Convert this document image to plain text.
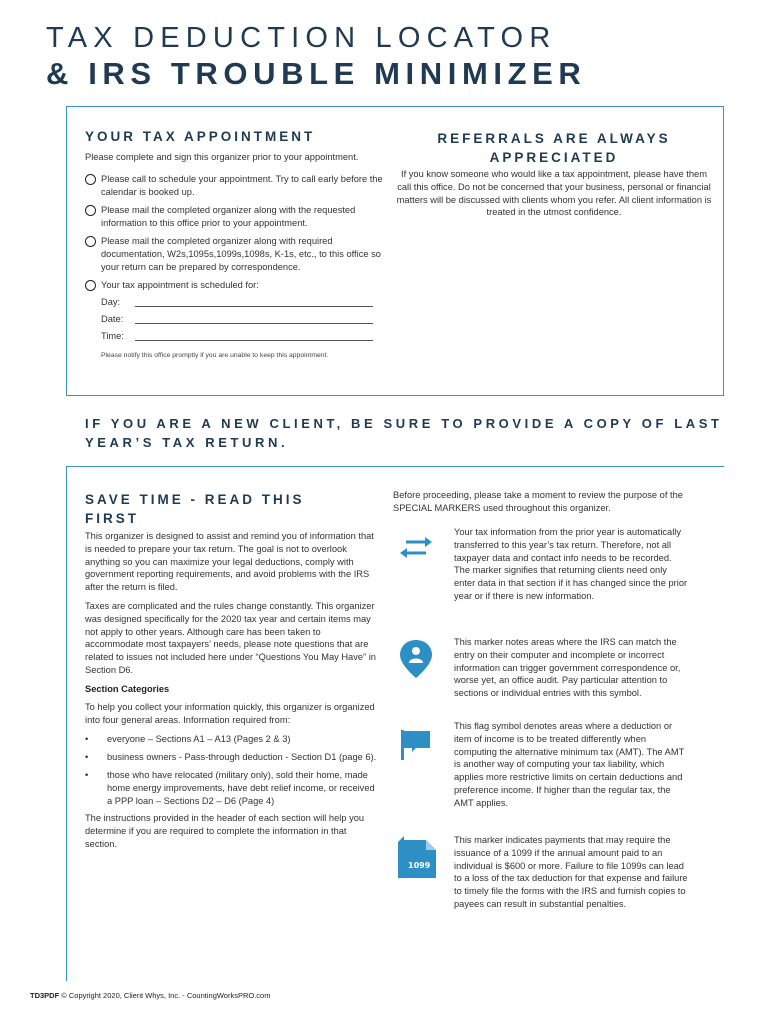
TAX DEDUCTION LOCATOR
& IRS TROUBLE MINIMIZER
YOUR TAX APPOINTMENT
Please complete and sign this organizer prior to your appointment.
Please call to schedule your appointment. Try to call early before the calendar is booked up.
Please mail the completed organizer along with the requested information to this office prior to your appointment.
Please mail the completed organizer along with required documentation, W2s,1095s,1099s,1098s, K-1s, etc., to this office so your return can be prepared by correspondence.
Your tax appointment is scheduled for:
Day:
Date:
Time:
Please notify this office promptly if you are unable to keep this appointment.
REFERRALS ARE ALWAYS APPRECIATED
If you know someone who would like a tax appointment, please have them call this office. Do not be concerned that your business, personal or financial matters will be discussed with clients whom you refer. All client information is treated in the utmost confidence.
IF YOU ARE A NEW CLIENT, BE SURE TO PROVIDE A COPY OF LAST YEAR’S TAX RETURN.
SAVE TIME - READ THIS FIRST
This organizer is designed to assist and remind you of information that is needed to prepare your tax return. The goal is not to overlook anything so you can maximize your legal deductions, comply with government reporting requirements, and avoid problems with the IRS after the return is filed.
Taxes are complicated and the rules change constantly. This organizer was designed specifically for the 2020 tax year and certain items may not apply to other years. Although care has been taken to accommodate most taxpayers’ needs, please note questions that are related to issues not included here under “Questions You May Have” in Section D6.
Section Categories
To help you collect your information quickly, this organizer is organized into four general areas. Information required from:
•	everyone – Sections A1 – A13 (Pages 2 & 3)
•	business owners - Pass-through deduction - Section D1 (page 6).
•	those who have relocated (military only), sold their home, made home energy improvements, have debt relief income, or received a PPP loan – Sections D2 – D6 (Page 4)
The instructions provided in the header of each section will help you determine if you are required to complete the information in that section.
Before proceeding, please take a moment to review the purpose of the SPECIAL MARKERS used throughout this organizer.
Your tax information from the prior year is automatically transferred to this year’s tax return. Therefore, not all taxpayer data and contact info needs to be recorded. The marker signifies that returning clients need only enter data in that section if it has changed since the prior year or if there is new information.
This marker notes areas where the IRS can match the entry on their computer and incomplete or incorrect information can trigger government correspondence or, worse yet, an office audit. Pay particular attention to sections or individual entries with this symbol.
This flag symbol denotes areas where a deduction or item of income is to be treated differently when computing the alternative minimum tax (AMT). The AMT is another way of computing your tax liability, which applies more restrictive limits on certain deductions and preference income. If higher than the regular tax, the AMT applies.
1099
This marker indicates payments that may require the issuance of a 1099 if the annual amount paid to an individual is $600 or more. Failure to file 1099s can lead to a loss of the tax deduction for that expense and failure to timely file the forms with the IRS and furnish copies to payees can result in substantial penalties.
TD3PDF © Copyright 2020, Client Whys, Inc. - CountingWorksPRO.com
